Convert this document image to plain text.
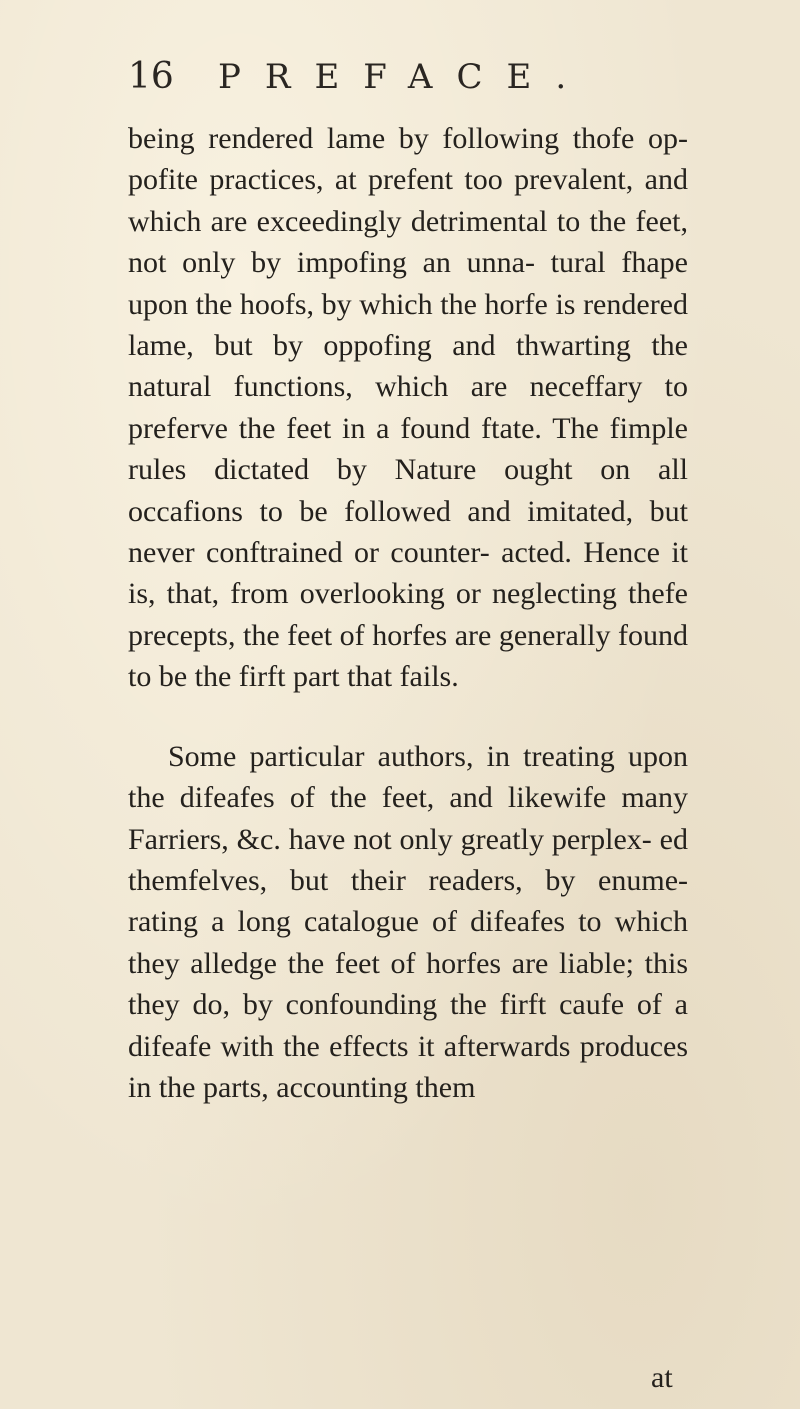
16 PREFACE.

being rendered lame by following thofe op- pofite practices, at prefent too prevalent, and which are exceedingly detrimental to the feet, not only by impofing an unna- tural fhape upon the hoofs, by which the horfe is rendered lame, but by oppofing and thwarting the natural functions, which are neceffary to preferve the feet in a found ftate. The fimple rules dictated by Nature ought on all occafions to be followed and imitated, but never conftrained or counter- acted. Hence it is, that, from overlooking or neglecting thefe precepts, the feet of horfes are generally found to be the firft part that fails.

Some particular authors, in treating upon the difeafes of the feet, and likewife many Farriers, &c. have not only greatly perplex- ed themfelves, but their readers, by enume- rating a long catalogue of difeafes to which they alledge the feet of horfes are liable; this they do, by confounding the firft caufe of a difeafe with the effects it afterwards produces in the parts, accounting them

at
